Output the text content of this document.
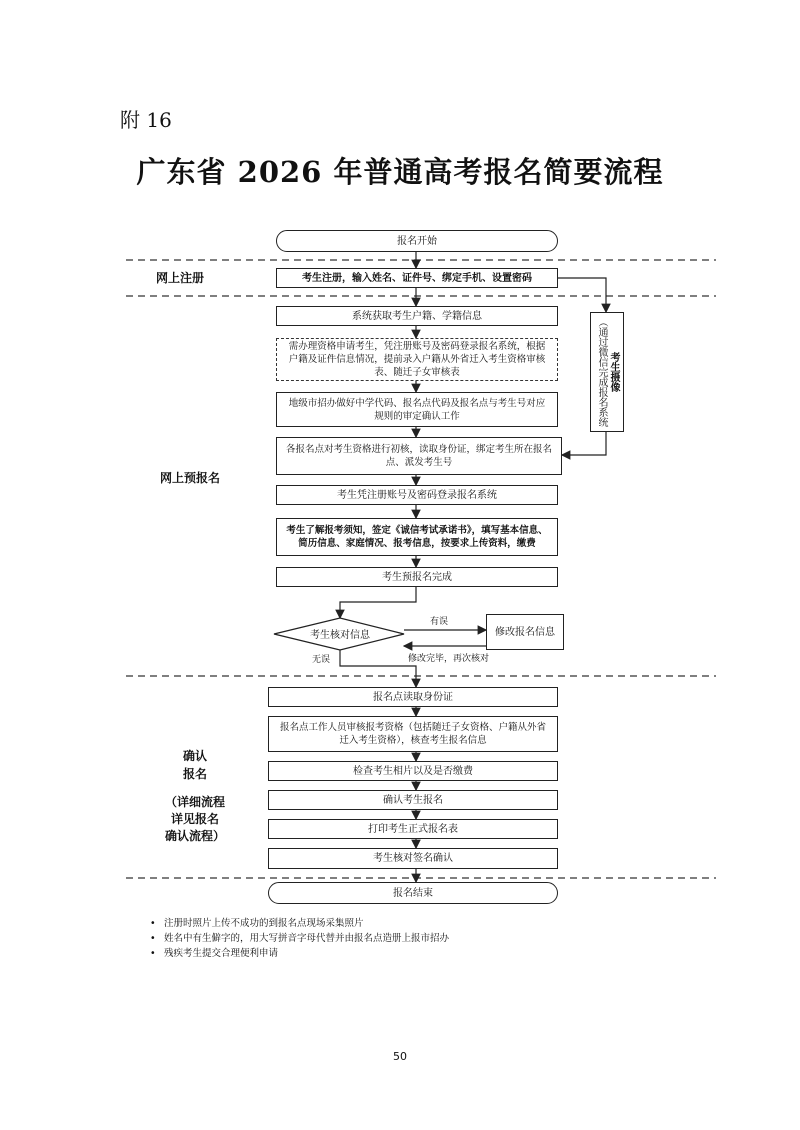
附 16
广东省 2026 年普通高考报名简要流程
网上注册
网上预报名
确认
报名
（详细流程
详见报名
确认流程）
报名开始
考生注册，输入姓名、证件号、绑定手机、设置密码
系统获取考生户籍、学籍信息
需办理资格申请考生，凭注册账号及密码登录报名系统，根据户籍及证件信息情况，提前录入户籍从外省迁入考生资格审核表、随迁子女审核表
地级市招办做好中学代码、报名点代码及报名点与考生号对应规则的审定确认工作
各报名点对考生资格进行初核，读取身份证，绑定考生所在报名点、派发考生号
考生凭注册账号及密码登录报名系统
考生了解报考须知，签定《诚信考试承诺书》，填写基本信息、简历信息、家庭情况、报考信息，按要求上传资料，缴费
考生预报名完成
考生核对信息
有误
无误	修改完毕，再次核对
修改报名信息
报名点读取身份证
报名点工作人员审核报考资格（包括随迁子女资格、户籍从外省迁入考生资格），核查考生报名信息
检查考生相片以及是否缴费
确认考生报名
打印考生正式报名表
考生核对签名确认
报名结束
（通过微信完成报名系统 考生摄像
• 注册时照片上传不成功的到报名点现场采集照片
• 姓名中有生僻字的，用大写拼音字母代替并由报名点造册上报市招办
• 残疾考生提交合理便利申请
50
